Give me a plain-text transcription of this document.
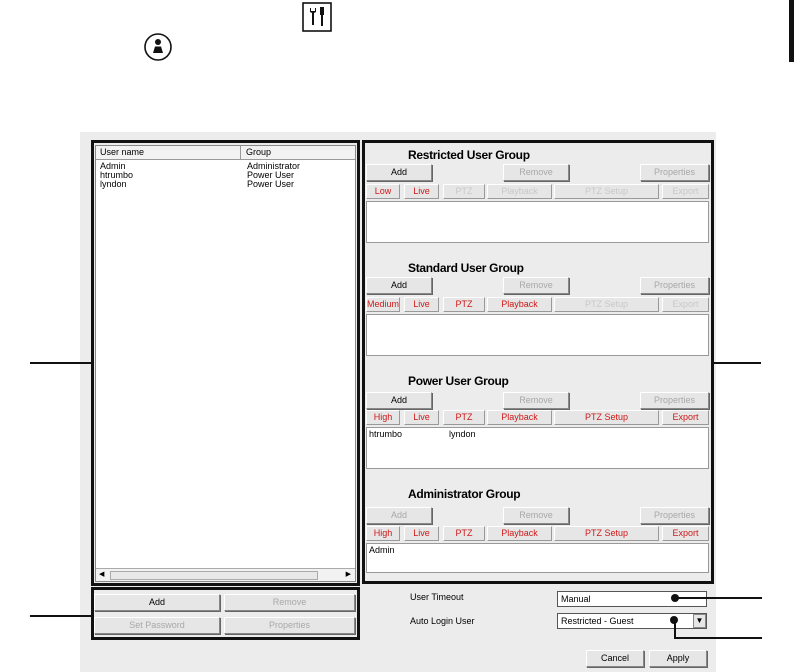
User name	Group
Admin	Administrator
htrumbo	Power User
lyndon	Power User
◀	▶
Add	Remove
Set Password	Properties
Restricted User Group
Add	Remove	Properties
Low	Live	PTZ	Playback	PTZ Setup	Export
Standard User Group
Add	Remove	Properties
Medium	Live	PTZ	Playback	PTZ Setup	Export
Power User Group
Add	Remove	Properties
High	Live	PTZ	Playback	PTZ Setup	Export
htrumbo	lyndon
Administrator Group
Add	Remove	Properties
High	Live	PTZ	Playback	PTZ Setup	Export
Admin
User Timeout	Manual
Auto Login User	Restricted - Guest	▼
Cancel	Apply
